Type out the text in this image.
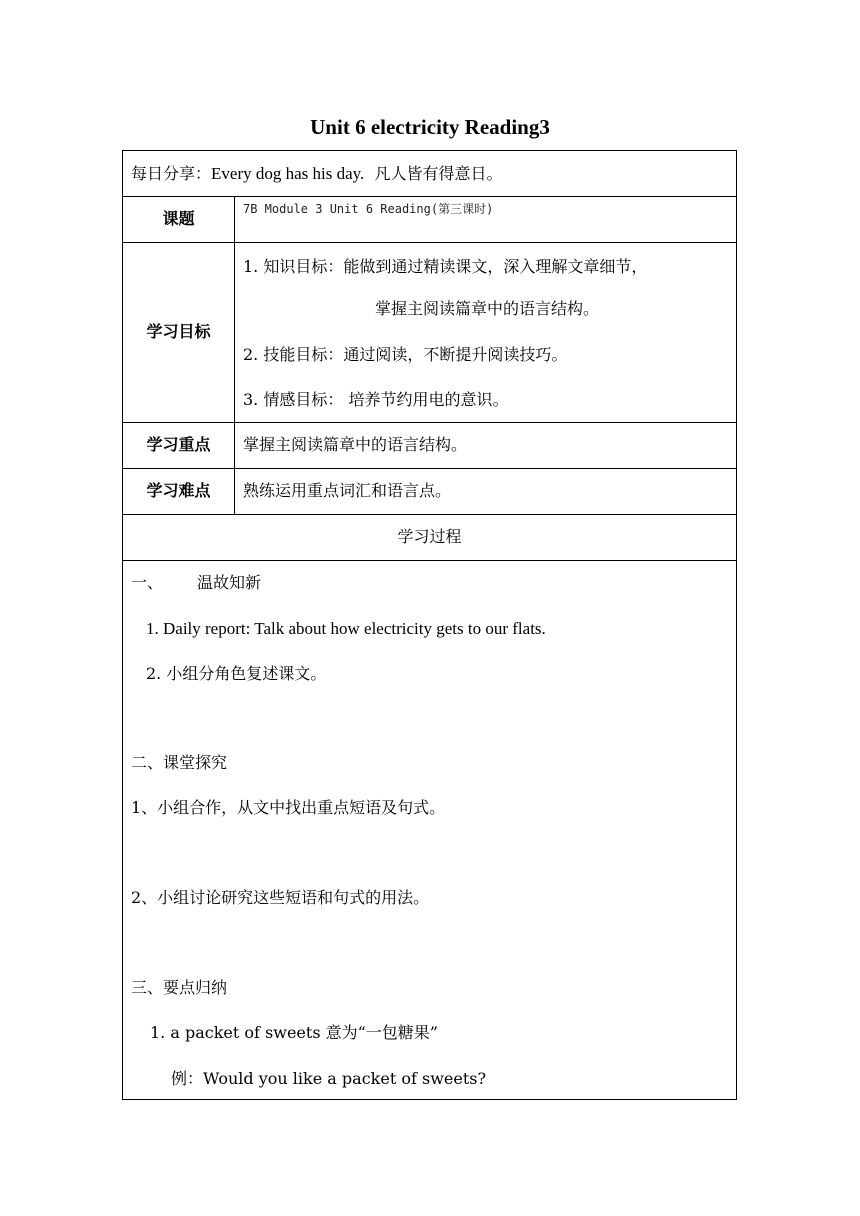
Unit 6 electricity Reading3
每日分享：Every dog has his day. 凡人皆有得意日。
课题	7B Module 3 Unit 6 Reading(第三课时)
学习目标
1. 知识目标：能做到通过精读课文，深入理解文章细节，
掌握主阅读篇章中的语言结构。
2. 技能目标：通过阅读，不断提升阅读技巧。
3. 情感目标： 培养节约用电的意识。
学习重点	掌握主阅读篇章中的语言结构。
学习难点	熟练运用重点词汇和语言点。
学习过程
一、 温故知新
1. Daily report: Talk about how electricity gets to our flats.
2. 小组分角色复述课文。
二、课堂探究
1、小组合作，从文中找出重点短语及句式。
2、小组讨论研究这些短语和句式的用法。
三、要点归纳
1. a packet of sweets 意为“一包糖果”
例：Would you like a packet of sweets?
